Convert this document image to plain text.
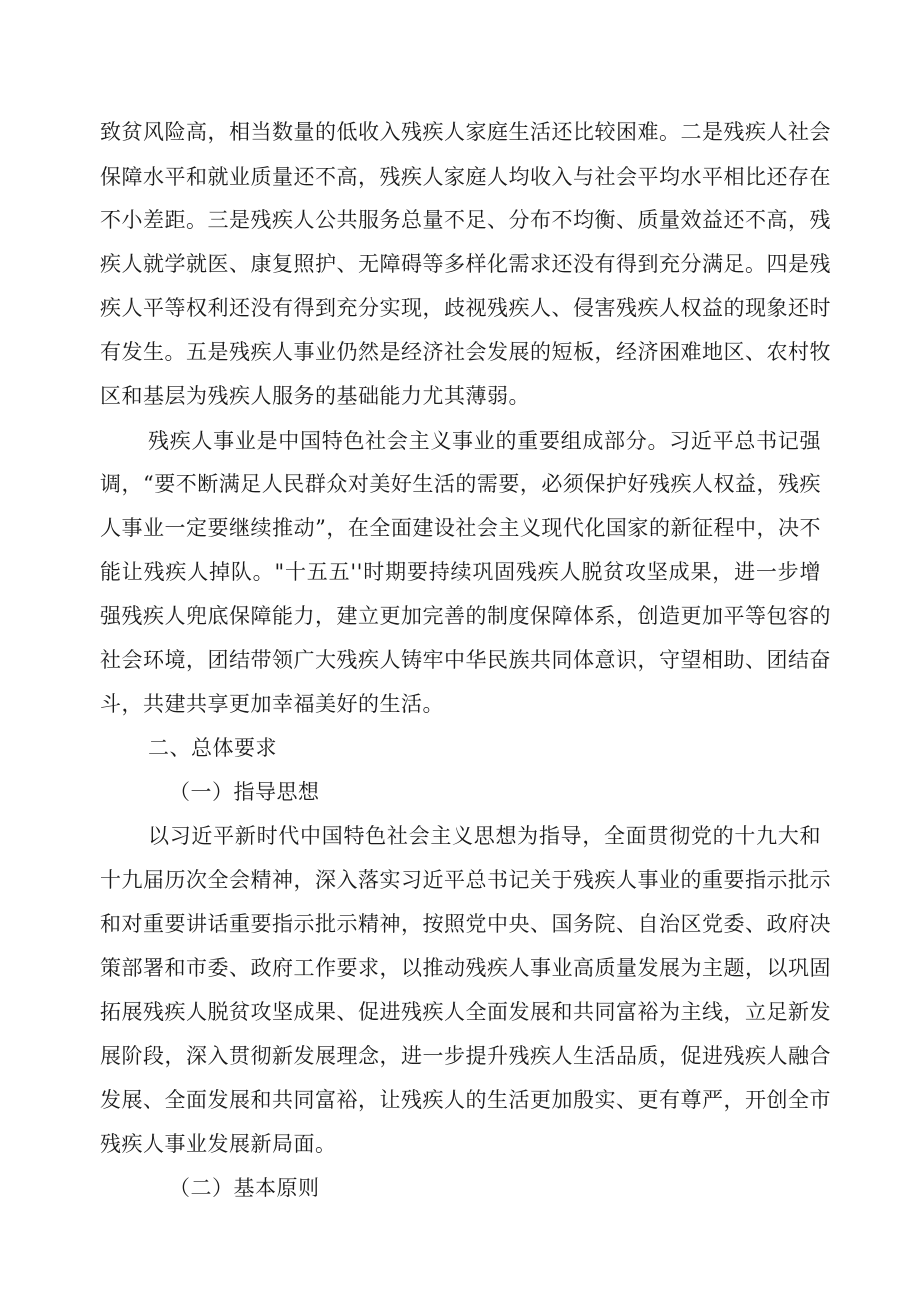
致贫风险高，相当数量的低收入残疾人家庭生活还比较困难。二是残疾人社会
保障水平和就业质量还不高，残疾人家庭人均收入与社会平均水平相比还存在
不小差距。三是残疾人公共服务总量不足、分布不均衡、质量效益还不高，残
疾人就学就医、康复照护、无障碍等多样化需求还没有得到充分满足。四是残
疾人平等权利还没有得到充分实现，歧视残疾人、侵害残疾人权益的现象还时
有发生。五是残疾人事业仍然是经济社会发展的短板，经济困难地区、农村牧
区和基层为残疾人服务的基础能力尤其薄弱。
残疾人事业是中国特色社会主义事业的重要组成部分。习近平总书记强
调，“要不断满足人民群众对美好生活的需要，必须保护好残疾人权益，残疾
人事业一定要继续推动”，在全面建设社会主义现代化国家的新征程中，决不
能让残疾人掉队。"十五五''时期要持续巩固残疾人脱贫攻坚成果，进一步增
强残疾人兜底保障能力，建立更加完善的制度保障体系，创造更加平等包容的
社会环境，团结带领广大残疾人铸牢中华民族共同体意识，守望相助、团结奋
斗，共建共享更加幸福美好的生活。
二、总体要求
（一）指导思想
以习近平新时代中国特色社会主义思想为指导，全面贯彻党的十九大和
十九届历次全会精神，深入落实习近平总书记关于残疾人事业的重要指示批示
和对重要讲话重要指示批示精神，按照党中央、国务院、自治区党委、政府决
策部署和市委、政府工作要求，以推动残疾人事业高质量发展为主题，以巩固
拓展残疾人脱贫攻坚成果、促进残疾人全面发展和共同富裕为主线，立足新发
展阶段，深入贯彻新发展理念，进一步提升残疾人生活品质，促进残疾人融合
发展、全面发展和共同富裕，让残疾人的生活更加殷实、更有尊严，开创全市
残疾人事业发展新局面。
（二）基本原则
